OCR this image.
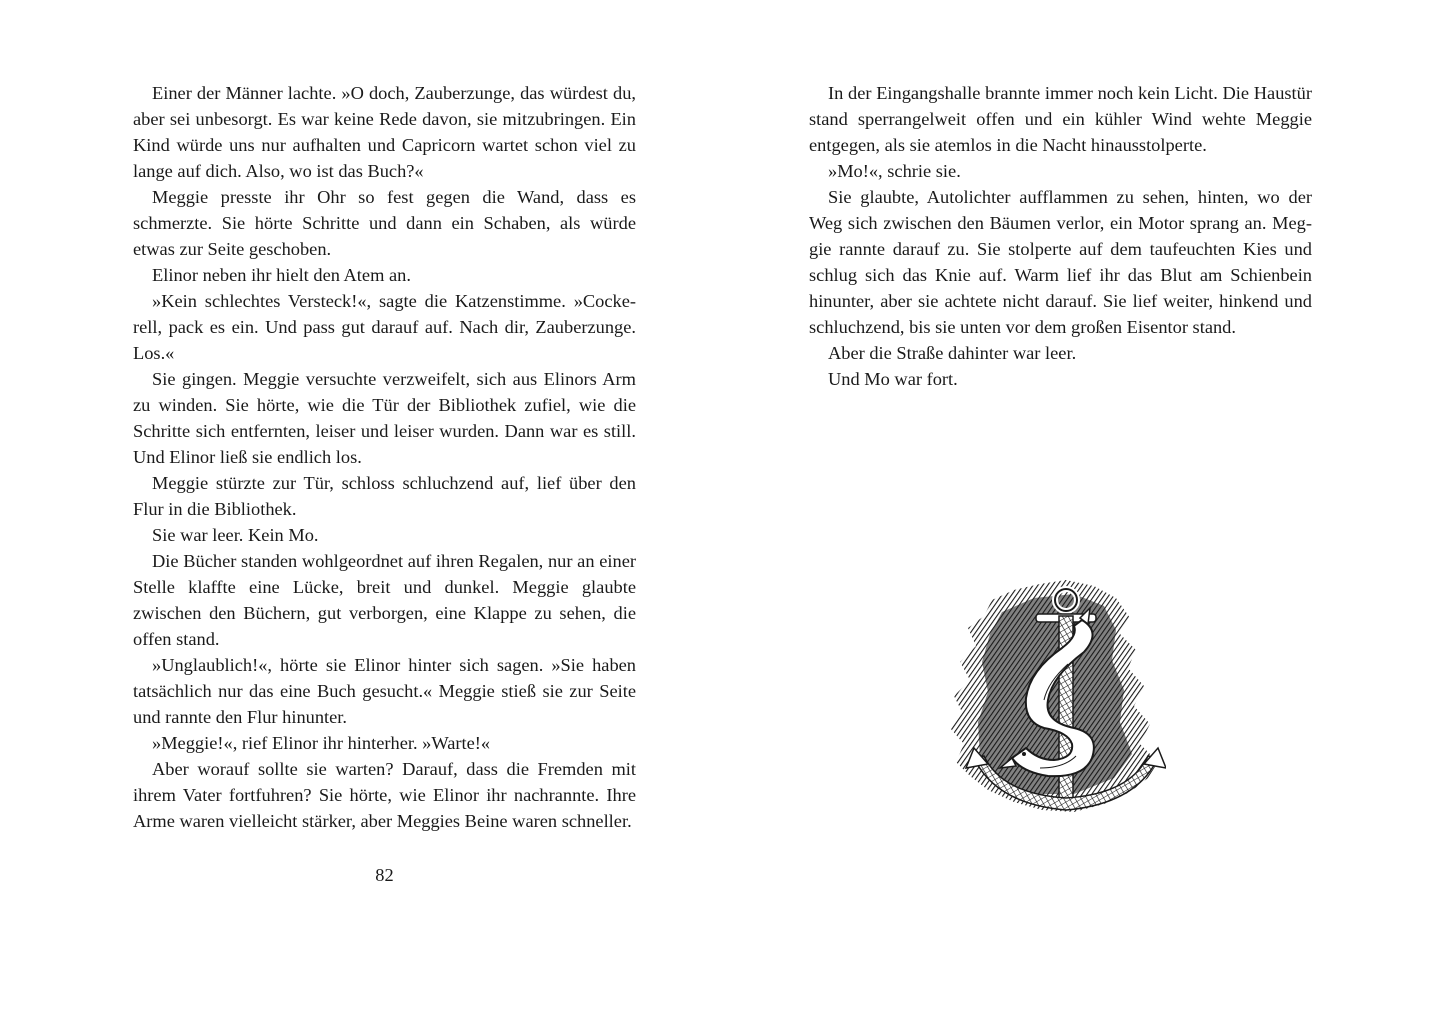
Einer der Männer lachte. »O doch, Zauberzunge, das würdest du, aber sei unbesorgt. Es war keine Rede davon, sie mitzubringen. Ein Kind würde uns nur aufhalten und Capricorn wartet schon viel zu lange auf dich. Also, wo ist das Buch?«

Meggie presste ihr Ohr so fest gegen die Wand, dass es schmerzte. Sie hörte Schritte und dann ein Schaben, als würde etwas zur Seite geschoben.

Elinor neben ihr hielt den Atem an.

»Kein schlechtes Versteck!«, sagte die Katzenstimme. »Cockerell, pack es ein. Und pass gut darauf auf. Nach dir, Zauberzunge. Los.«

Sie gingen. Meggie versuchte verzweifelt, sich aus Elinors Arm zu winden. Sie hörte, wie die Tür der Bibliothek zufiel, wie die Schritte sich entfernten, leiser und leiser wurden. Dann war es still. Und Elinor ließ sie endlich los.

Meggie stürzte zur Tür, schloss schluchzend auf, lief über den Flur in die Bibliothek.

Sie war leer. Kein Mo.

Die Bücher standen wohlgeordnet auf ihren Regalen, nur an einer Stelle klaffte eine Lücke, breit und dunkel. Meggie glaubte zwischen den Büchern, gut verborgen, eine Klappe zu sehen, die offen stand.

»Unglaublich!«, hörte sie Elinor hinter sich sagen. »Sie haben tatsächlich nur das eine Buch gesucht.« Meggie stieß sie zur Seite und rannte den Flur hinunter.

»Meggie!«, rief Elinor ihr hinterher. »Warte!«

Aber worauf sollte sie warten? Darauf, dass die Fremden mit ihrem Vater fortfuhren? Sie hörte, wie Elinor ihr nachrannte. Ihre Arme waren vielleicht stärker, aber Meggies Beine waren schneller.

82

In der Eingangshalle brannte immer noch kein Licht. Die Haustür stand sperrangelweit offen und ein kühler Wind wehte Meggie entgegen, als sie atemlos in die Nacht hinausstolperte.

»Mo!«, schrie sie.

Sie glaubte, Autolichter aufflammen zu sehen, hinten, wo der Weg sich zwischen den Bäumen verlor, ein Motor sprang an. Meggie rannte darauf zu. Sie stolperte auf dem taufeuchten Kies und schlug sich das Knie auf. Warm lief ihr das Blut am Schienbein hinunter, aber sie achtete nicht darauf. Sie lief weiter, hinkend und schluchzend, bis sie unten vor dem großen Eisentor stand.

Aber die Straße dahinter war leer.

Und Mo war fort.
